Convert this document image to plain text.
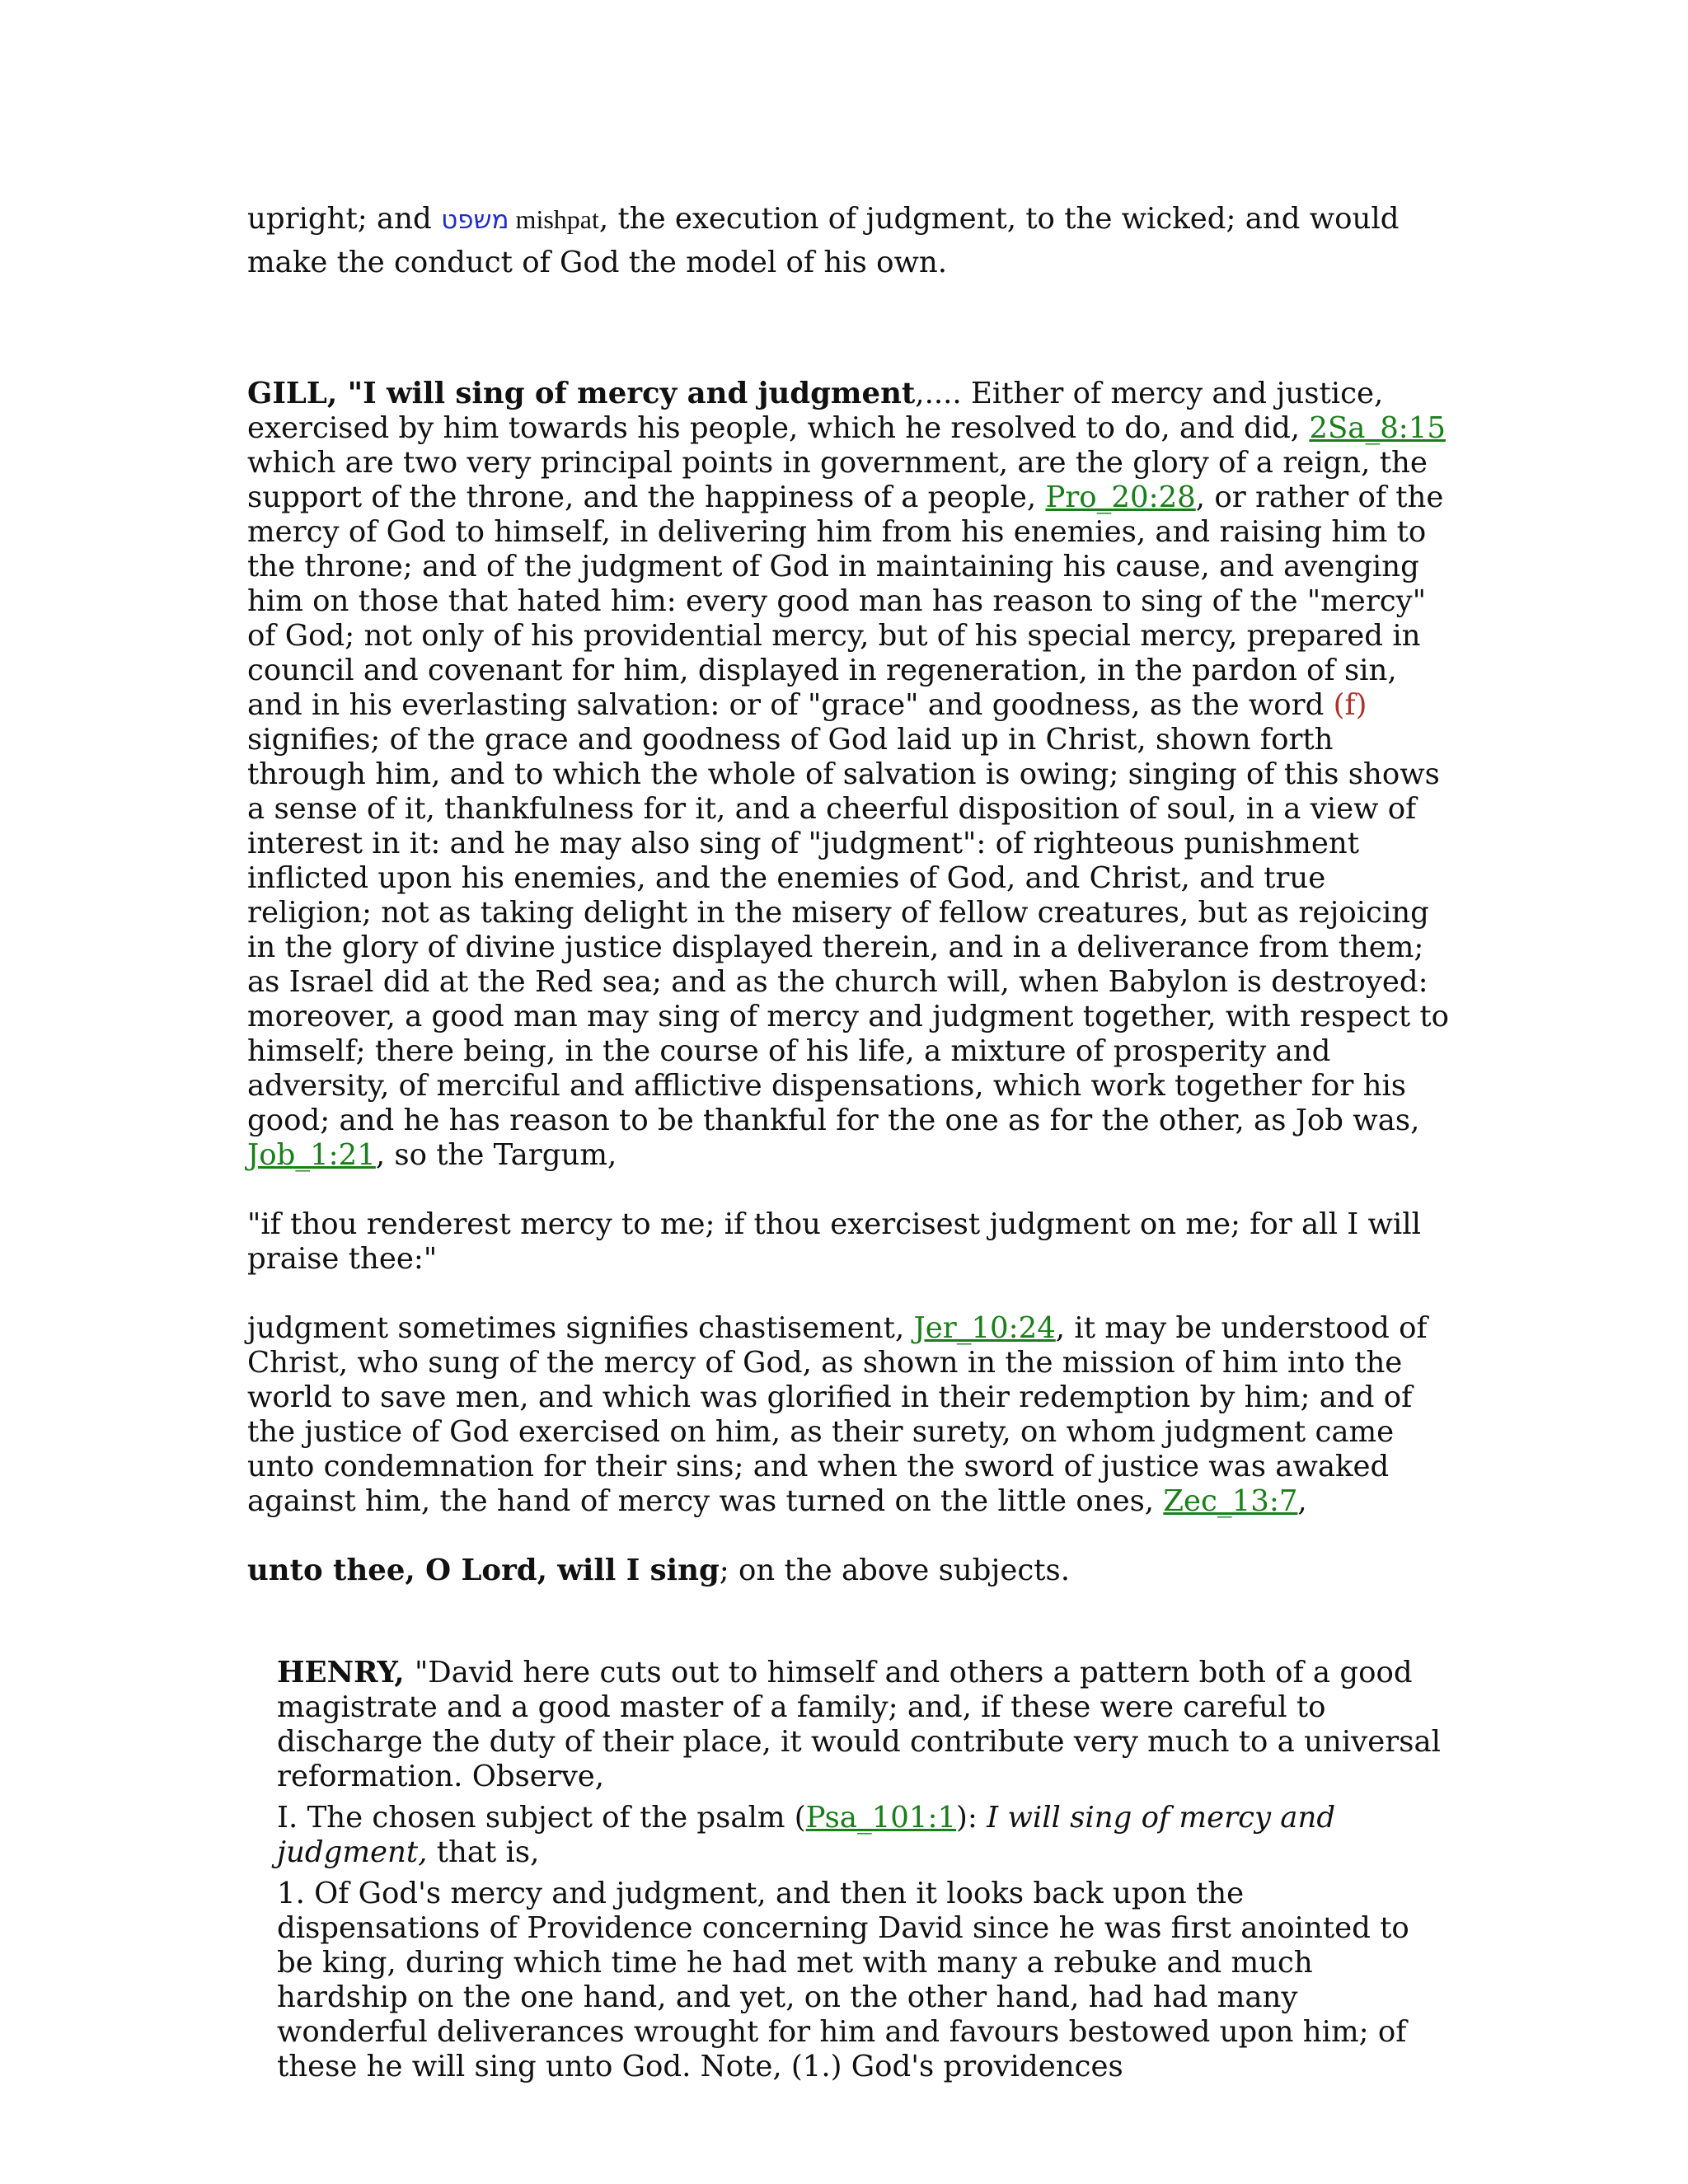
upright; and משפט mishpat, the execution of judgment, to the wicked; and would make the conduct of God the model of his own.

GILL, "I will sing of mercy and judgment,.... Either of mercy and justice, exercised by him towards his people, which he resolved to do, and did, 2Sa_8:15 which are two very principal points in government, are the glory of a reign, the support of the throne, and the happiness of a people, Pro_20:28, or rather of the mercy of God to himself, in delivering him from his enemies, and raising him to the throne; and of the judgment of God in maintaining his cause, and avenging him on those that hated him: every good man has reason to sing of the "mercy" of God; not only of his providential mercy, but of his special mercy, prepared in council and covenant for him, displayed in regeneration, in the pardon of sin, and in his everlasting salvation: or of "grace" and goodness, as the word (f) signifies; of the grace and goodness of God laid up in Christ, shown forth through him, and to which the whole of salvation is owing; singing of this shows a sense of it, thankfulness for it, and a cheerful disposition of soul, in a view of interest in it: and he may also sing of "judgment": of righteous punishment inflicted upon his enemies, and the enemies of God, and Christ, and true religion; not as taking delight in the misery of fellow creatures, but as rejoicing in the glory of divine justice displayed therein, and in a deliverance from them; as Israel did at the Red sea; and as the church will, when Babylon is destroyed: moreover, a good man may sing of mercy and judgment together, with respect to himself; there being, in the course of his life, a mixture of prosperity and adversity, of merciful and afflictive dispensations, which work together for his good; and he has reason to be thankful for the one as for the other, as Job was, Job_1:21, so the Targum,

"if thou renderest mercy to me; if thou exercisest judgment on me; for all I will praise thee:"

judgment sometimes signifies chastisement, Jer_10:24, it may be understood of Christ, who sung of the mercy of God, as shown in the mission of him into the world to save men, and which was glorified in their redemption by him; and of the justice of God exercised on him, as their surety, on whom judgment came unto condemnation for their sins; and when the sword of justice was awaked against him, the hand of mercy was turned on the little ones, Zec_13:7,

unto thee, O Lord, will I sing; on the above subjects.

HENRY, "David here cuts out to himself and others a pattern both of a good magistrate and a good master of a family; and, if these were careful to discharge the duty of their place, it would contribute very much to a universal reformation. Observe,

I. The chosen subject of the psalm (Psa_101:1): I will sing of mercy and judgment, that is,

1. Of God's mercy and judgment, and then it looks back upon the dispensations of Providence concerning David since he was first anointed to be king, during which time he had met with many a rebuke and much hardship on the one hand, and yet, on the other hand, had had many wonderful deliverances wrought for him and favours bestowed upon him; of these he will sing unto God. Note, (1.) God's providences
